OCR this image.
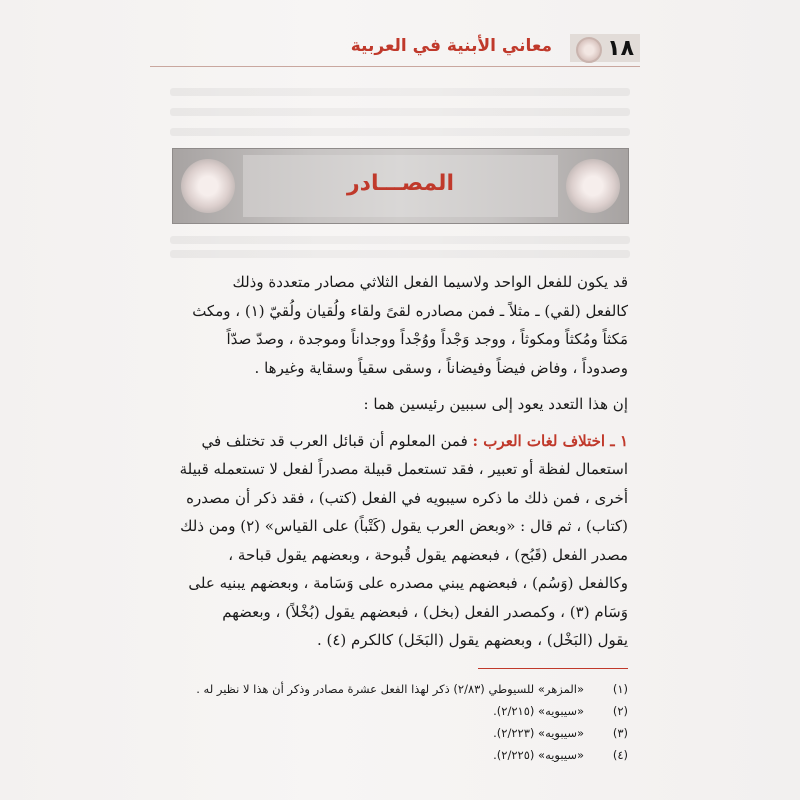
١٨
معاني الأبنية في العربية
المصـــادر

قد يكون للفعل الواحد ولاسيما الفعل الثلاثي مصادر متعددة وذلك
كالفعل (لقي) ـ مثلاً ـ فمن مصادره لقىً ولقاء ولُقيان ولُقيّ (١) ، ومكث
مَكثاً ومُكثاً ومكوثاً ، ووجد وَجْداً ووُجْداً ووجداناً وموجدة ، وصدّ صدّاً
وصدوداً ، وفاض فيضاً وفيضاناً ، وسقى سقياً وسقاية وغيرها .

إن هذا التعدد يعود إلى سببين رئيسين هما :

١ ـ اختلاف لغات العرب : فمن المعلوم أن قبائل العرب قد تختلف في
استعمال لفظة أو تعبير ، فقد تستعمل قبيلة مصدراً لفعل لا تستعمله قبيلة
أخرى ، فمن ذلك ما ذكره سيبويه في الفعل (كتب) ، فقد ذكر أن مصدره
(كتاب) ، ثم قال : «وبعض العرب يقول (كَتْباً) على القياس» (٢) ومن ذلك
مصدر الفعل (قَبُح) ، فبعضهم يقول قُبوحة ، وبعضهم يقول قباحة ،
وكالفعل (وَسُم) ، فبعضهم يبني مصدره على وَسَامة ، وبعضهم يبنيه على
وَسَام (٣) ، وكمصدر الفعل (بخل) ، فبعضهم يقول (بُخْلاً) ، وبعضهم
يقول (البَخْل) ، وبعضهم يقول (البَخَل) كالكرم (٤) .

(١)
«المزهر» للسيوطي (٢/٨٣) ذكر لهذا الفعل عشرة مصادر وذكر أن هذا لا نظير له .
(٢)
«سيبويه» (٢/٢١٥).
(٣)
«سيبويه» (٢/٢٢٣).
(٤)
«سيبويه» (٢/٢٢٥).
